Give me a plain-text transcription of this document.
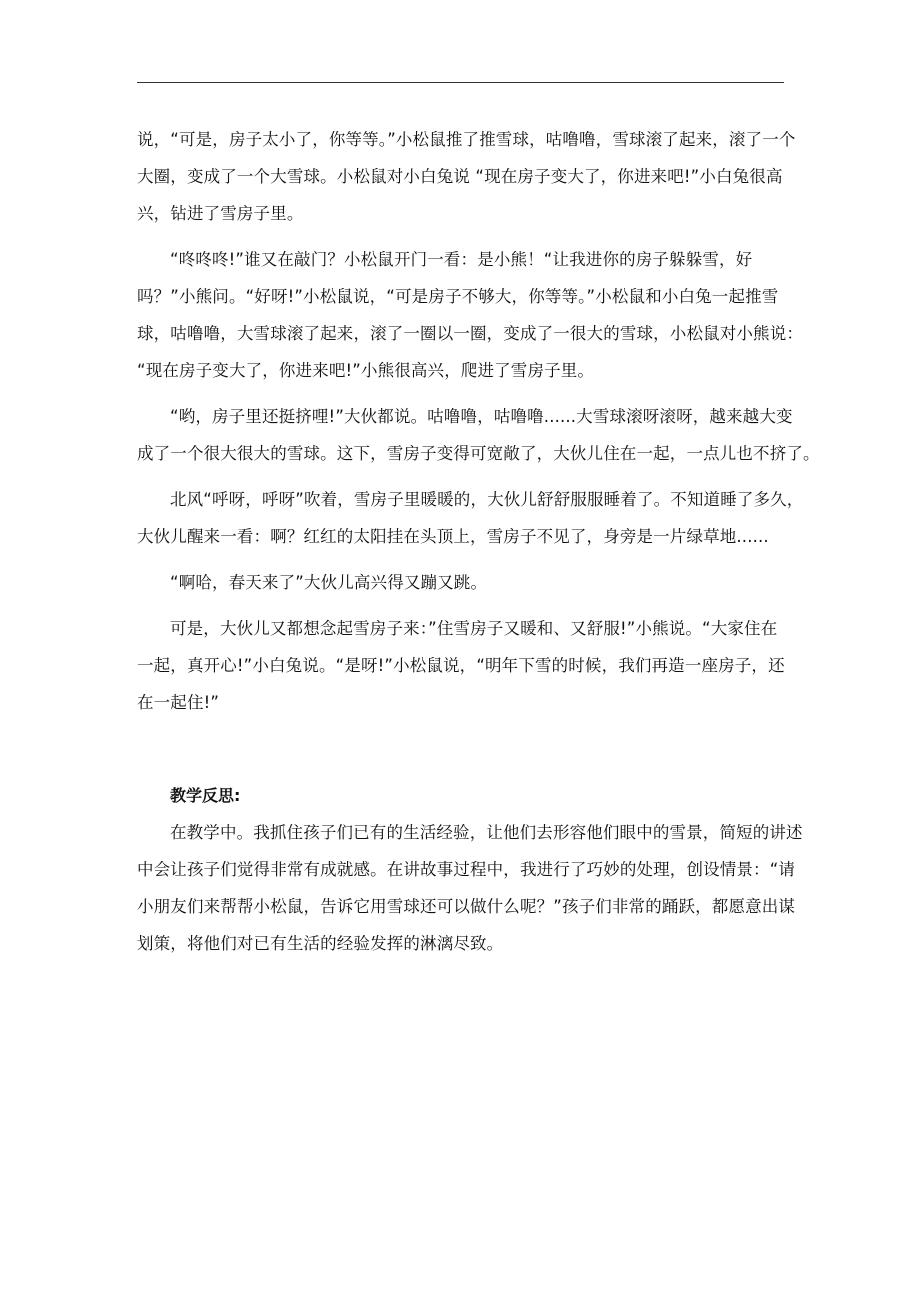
说，“可是，房子太小了，你等等。”小松鼠推了推雪球，咕噜噜，雪球滚了起来，滚了一个
大圈，变成了一个大雪球。小松鼠对小白兔说 “现在房子变大了，你进来吧!”小白兔很高
兴，钻进了雪房子里。
“咚咚咚!”谁又在敲门？小松鼠开门一看：是小熊！“让我进你的房子躲躲雪，好
吗？”小熊问。“好呀!”小松鼠说，“可是房子不够大，你等等。”小松鼠和小白兔一起推雪
球，咕噜噜，大雪球滚了起来，滚了一圈以一圈，变成了一很大的雪球，小松鼠对小熊说：
“现在房子变大了，你进来吧!”小熊很高兴，爬进了雪房子里。
“哟，房子里还挺挤哩!”大伙都说。咕噜噜，咕噜噜......大雪球滚呀滚呀，越来越大变
成了一个很大很大的雪球。这下，雪房子变得可宽敞了，大伙儿住在一起，一点儿也不挤了。
北风“呼呀，呼呀”吹着，雪房子里暖暖的，大伙儿舒舒服服睡着了。不知道睡了多久，
大伙儿醒来一看：啊？红红的太阳挂在头顶上，雪房子不见了，身旁是一片绿草地......
“啊哈，春天来了”大伙儿高兴得又蹦又跳。
可是，大伙儿又都想念起雪房子来：”住雪房子又暖和、又舒服!”小熊说。“大家住在
一起，真开心!”小白兔说。“是呀!”小松鼠说，“明年下雪的时候，我们再造一座房子，还
在一起住!”
教学反思:
在教学中。我抓住孩子们已有的生活经验，让他们去形容他们眼中的雪景，简短的讲述
中会让孩子们觉得非常有成就感。在讲故事过程中，我进行了巧妙的处理，创设情景：“请
小朋友们来帮帮小松鼠，告诉它用雪球还可以做什么呢？”孩子们非常的踊跃，都愿意出谋
划策，将他们对已有生活的经验发挥的淋漓尽致。
